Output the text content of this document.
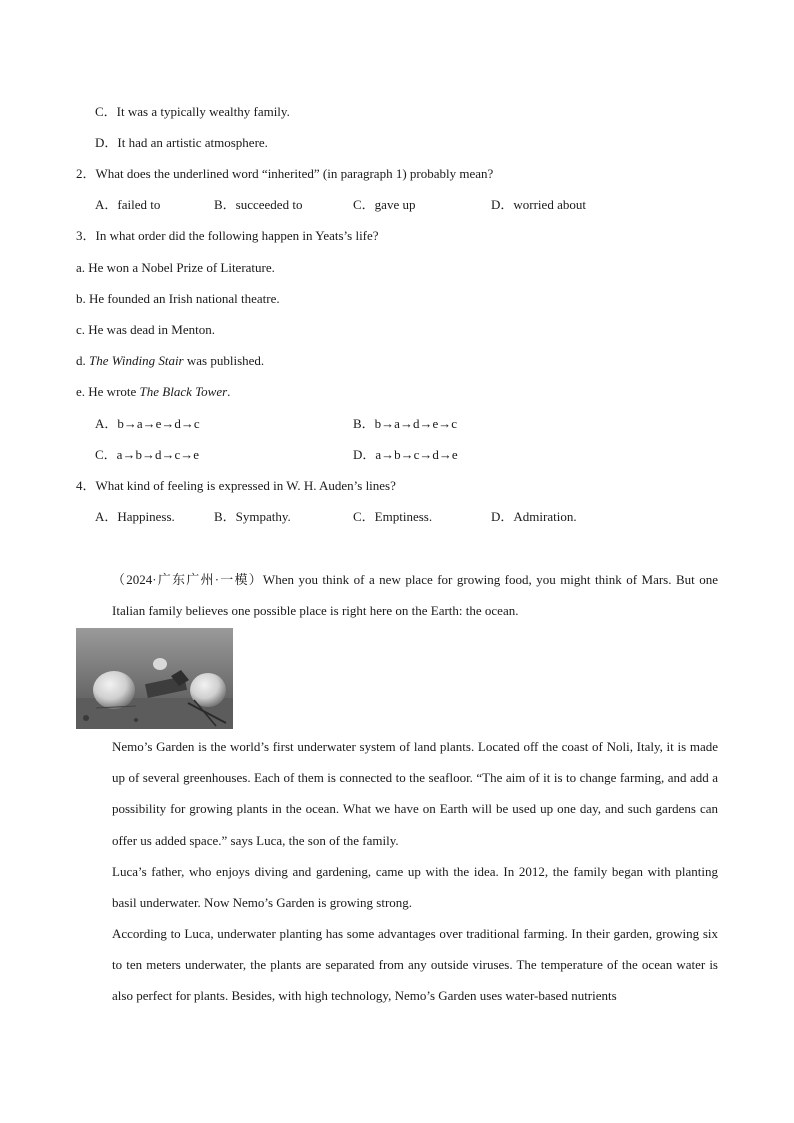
C．It was a typically wealthy family.
D．It had an artistic atmosphere.
2．What does the underlined word “inherited” (in paragraph 1) probably mean?
A．failed to	B．succeeded to	C．gave up	D．worried about
3．In what order did the following happen in Yeats’s life?
a. He won a Nobel Prize of Literature.
b. He founded an Irish national theatre.
c. He was dead in Menton.
d. The Winding Stair was published.
e. He wrote The Black Tower.
A．b→a→e→d→c	B．b→a→d→e→c
C．a→b→d→c→e	D．a→b→c→d→e
4．What kind of feeling is expressed in W. H. Auden’s lines?
A．Happiness.	B．Sympathy.	C．Emptiness.	D．Admiration.
（2024·广东广州·一模）When you think of a new place for growing food, you might think of Mars. But one Italian family believes one possible place is right here on the Earth: the ocean.
Nemo’s Garden is the world’s first underwater system of land plants. Located off the coast of Noli, Italy, it is made up of several greenhouses. Each of them is connected to the seafloor. “The aim of it is to change farming, and add a possibility for growing plants in the ocean. What we have on Earth will be used up one day, and such gardens can offer us added space.” says Luca, the son of the family.
Luca’s father, who enjoys diving and gardening, came up with the idea. In 2012, the family began with planting basil underwater. Now Nemo’s Garden is growing strong.
According to Luca, underwater planting has some advantages over traditional farming. In their garden, growing six to ten meters underwater, the plants are separated from any outside viruses. The temperature of the ocean water is also perfect for plants. Besides, with high technology, Nemo’s Garden uses water-based nutrients
